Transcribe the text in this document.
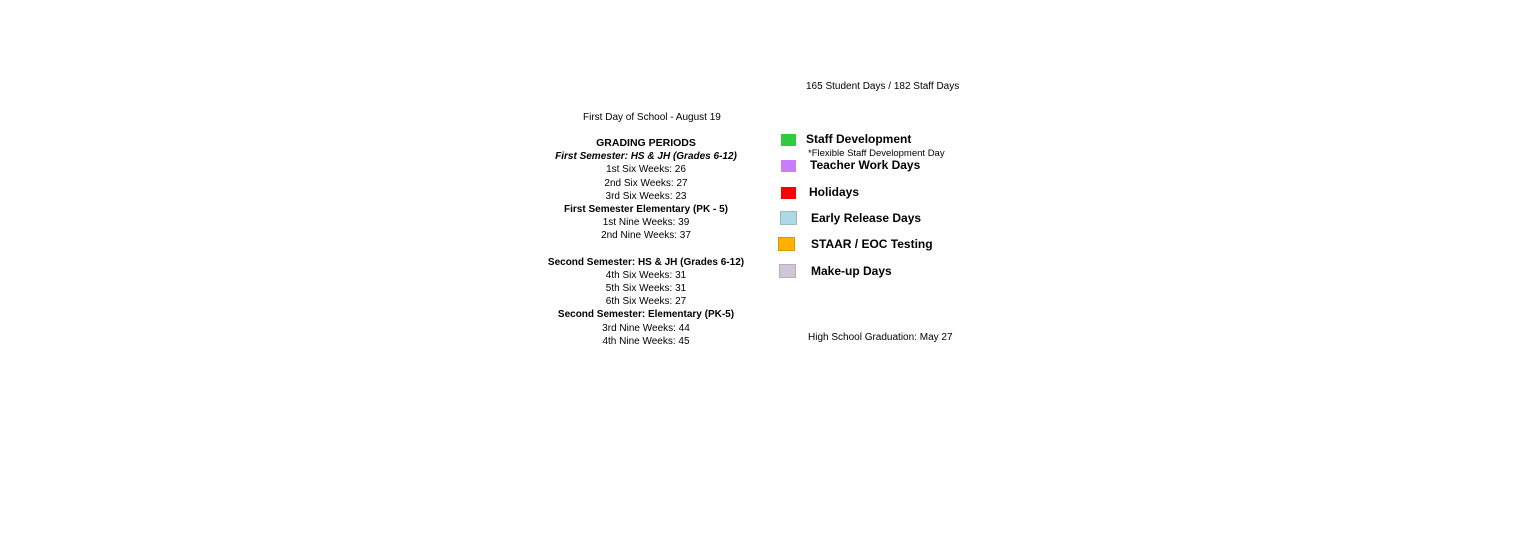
165 Student Days / 182 Staff Days
First Day of School - August 19
GRADING PERIODS
First Semester: HS & JH (Grades 6-12)
1st Six Weeks: 26
2nd Six Weeks: 27
3rd Six Weeks: 23
First Semester Elementary (PK - 5)
1st Nine Weeks: 39
2nd Nine Weeks: 37
Second Semester: HS & JH (Grades 6-12)
4th Six Weeks: 31
5th Six Weeks: 31
6th Six Weeks: 27
Second Semester: Elementary (PK-5)
3rd Nine Weeks: 44
4th Nine Weeks: 45
Staff Development
*Flexible Staff Development Day
Teacher Work Days
Holidays
Early Release Days
STAAR / EOC Testing
Make-up Days
High School Graduation: May 27
